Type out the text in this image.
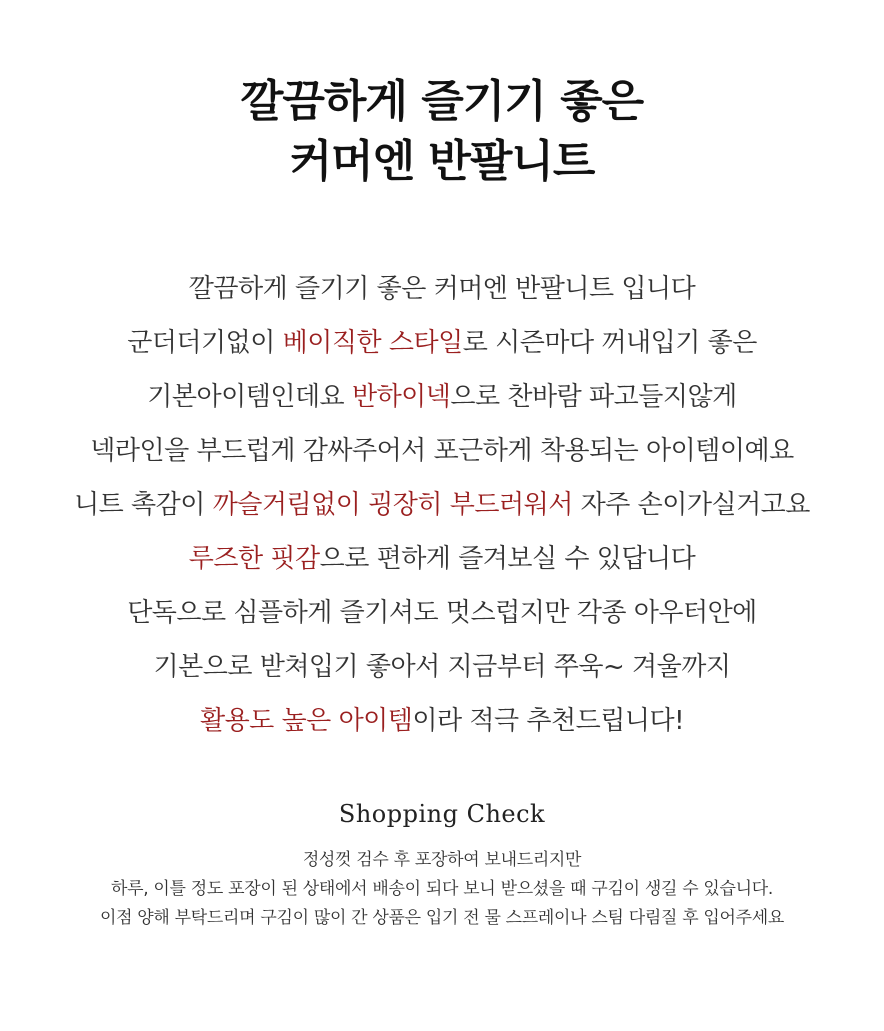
깔끔하게 즐기기 좋은
커머엔 반팔니트
깔끔하게 즐기기 좋은 커머엔 반팔니트 입니다
군더더기없이 베이직한 스타일로 시즌마다 꺼내입기 좋은
기본아이템인데요 반하이넥으로 찬바람 파고들지않게
넥라인을 부드럽게 감싸주어서 포근하게 착용되는 아이템이예요
니트 촉감이 까슬거림없이 굉장히 부드러워서 자주 손이가실거고요
루즈한 핏감으로 편하게 즐겨보실 수 있답니다
단독으로 심플하게 즐기셔도 멋스럽지만 각종 아우터안에
기본으로 받쳐입기 좋아서 지금부터 쭈욱~ 겨울까지
활용도 높은 아이템이라 적극 추천드립니다!
Shopping Check
정성껏 검수 후 포장하여 보내드리지만
하루, 이틀 정도 포장이 된 상태에서 배송이 되다 보니 받으셨을 때 구김이 생길 수 있습니다.
이점 양해 부탁드리며 구김이 많이 간 상품은 입기 전 물 스프레이나 스팀 다림질 후 입어주세요
